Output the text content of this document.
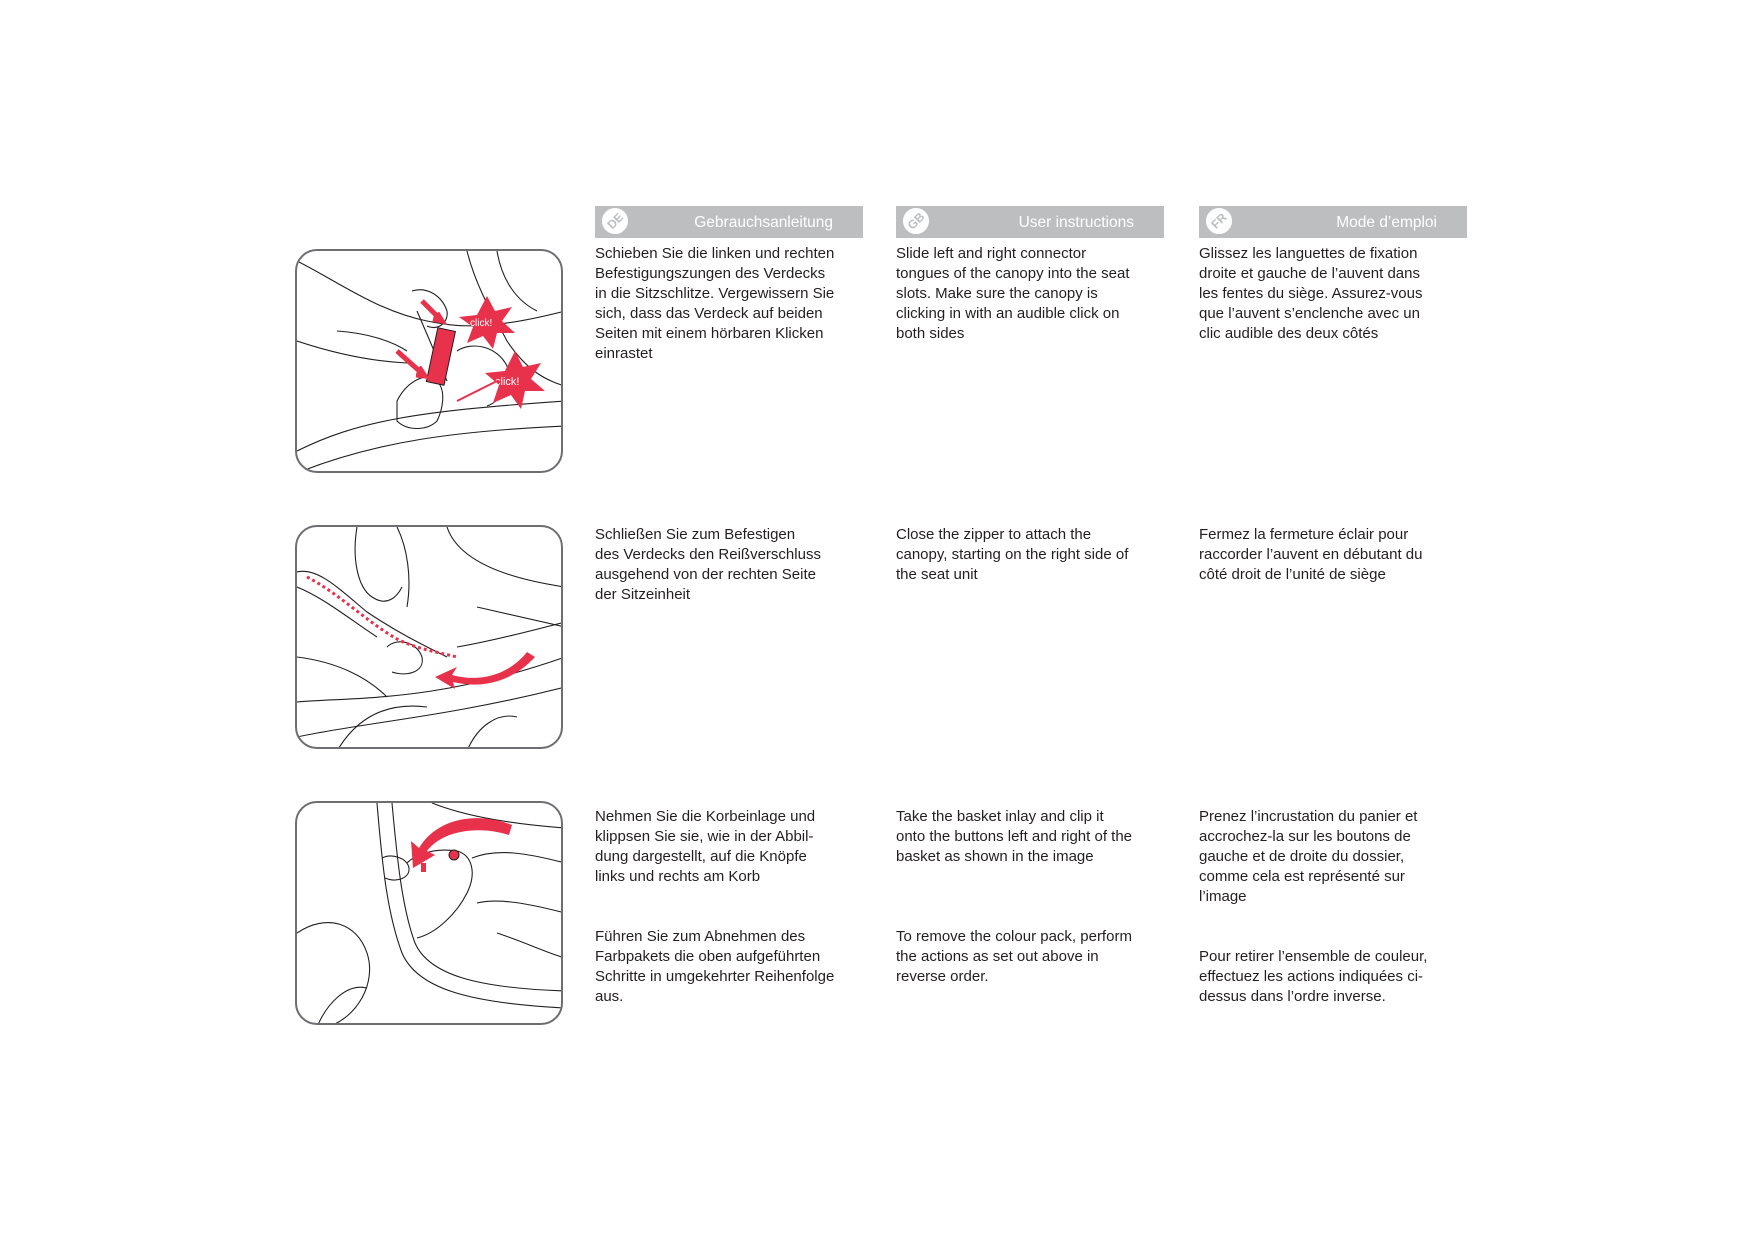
DE	Gebrauchsanleitung	GB	User instructions	FR	Mode d’emploi
click!
click!

Schieben Sie die linken und rechten
Befestigungszungen des Verdecks
in die Sitzschlitze. Vergewissern Sie
sich, dass das Verdeck auf beiden
Seiten mit einem hörbaren Klicken
einrastet

Slide left and right connector
tongues of the canopy into the seat
slots. Make sure the canopy is
clicking in with an audible click on
both sides

Glissez les languettes de ﬁxation
droite et gauche de l’auvent dans
les fentes du siège. Assurez-vous
que l’auvent s’enclenche avec un
clic audible des deux côtés

Schließen Sie zum Befestigen
des Verdecks den Reißverschluss
ausgehend von der rechten Seite
der Sitzeinheit

Close the zipper to attach the
canopy, starting on the right side of
the seat unit

Fermez la fermeture éclair pour
raccorder l’auvent en débutant du
côté droit de l’unité de siège

Nehmen Sie die Korbeinlage und
klippsen Sie sie, wie in der Abbil-
dung dargestellt, auf die Knöpfe
links und rechts am Korb

Take the basket inlay and clip it
onto the buttons left and right of the
basket as shown in the image

Prenez l’incrustation du panier et
accrochez-la sur les boutons de
gauche et de droite du dossier,
comme cela est représenté sur
l’image

Führen Sie zum Abnehmen des
Farbpakets die oben aufgeführten
Schritte in umgekehrter Reihenfolge
aus.

To remove the colour pack, perform
the actions as set out above in
reverse order.

Pour retirer l’ensemble de couleur,
effectuez les actions indiquées ci-
dessus dans l’ordre inverse.
